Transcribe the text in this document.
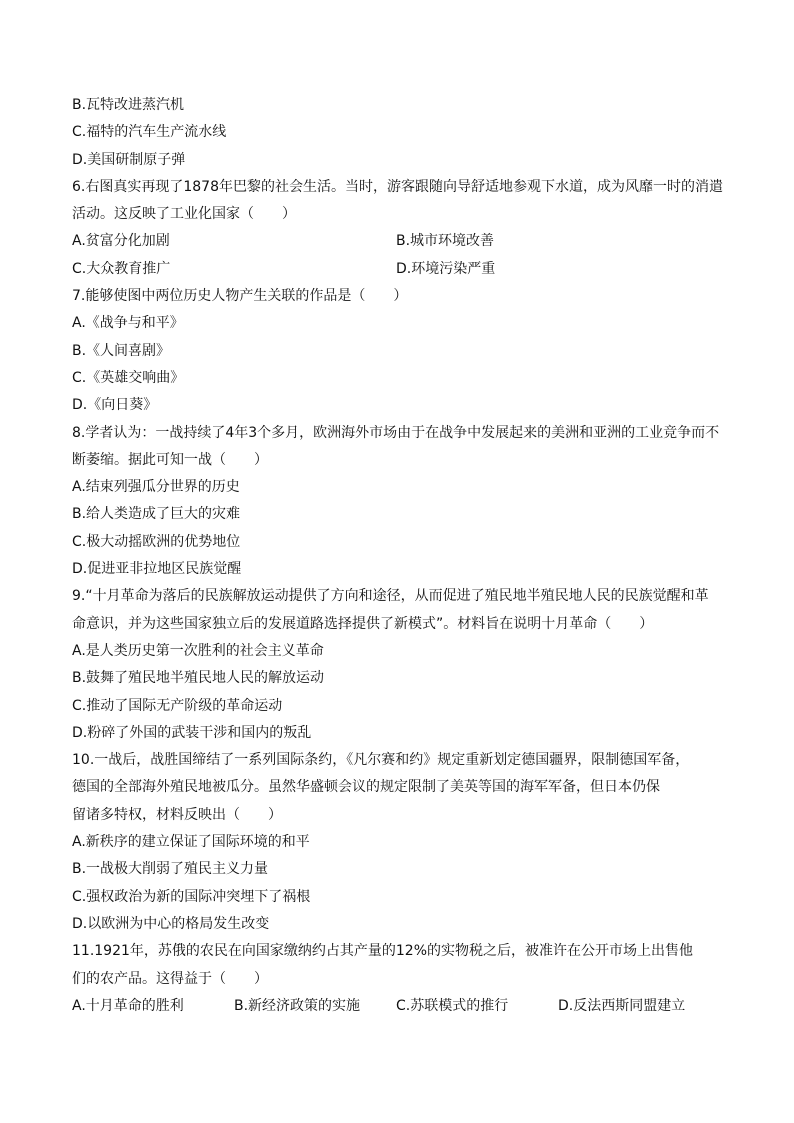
B.瓦特改进蒸汽机
C.福特的汽车生产流水线
D.美国研制原子弹
6.右图真实再现了1878年巴黎的社会生活。当时，游客跟随向导舒适地参观下水道，成为风靡一时的消遣
活动。这反映了工业化国家（　　）
A.贫富分化加剧	B.城市环境改善
C.大众教育推广	D.环境污染严重
7.能够使图中两位历史人物产生关联的作品是（　　）
A.《战争与和平》
B.《人间喜剧》
C.《英雄交响曲》
D.《向日葵》
8.学者认为：一战持续了4年3个多月，欧洲海外市场由于在战争中发展起来的美洲和亚洲的工业竞争而不
断萎缩。据此可知一战（　　）
A.结束列强瓜分世界的历史
B.给人类造成了巨大的灾难
C.极大动摇欧洲的优势地位
D.促进亚非拉地区民族觉醒
9.“十月革命为落后的民族解放运动提供了方向和途径，从而促进了殖民地半殖民地人民的民族觉醒和革
命意识，并为这些国家独立后的发展道路选择提供了新模式”。材料旨在说明十月革命（　　）
A.是人类历史第一次胜利的社会主义革命
B.鼓舞了殖民地半殖民地人民的解放运动
C.推动了国际无产阶级的革命运动
D.粉碎了外国的武装干涉和国内的叛乱
10.一战后，战胜国缔结了一系列国际条约，《凡尔赛和约》规定重新划定德国疆界，限制德国军备，
德国的全部海外殖民地被瓜分。虽然华盛顿会议的规定限制了美英等国的海军军备，但日本仍保
留诸多特权，材料反映出（　　）
A.新秩序的建立保证了国际环境的和平
B.一战极大削弱了殖民主义力量
C.强权政治为新的国际冲突埋下了祸根
D.以欧洲为中心的格局发生改变
11.1921年，苏俄的农民在向国家缴纳约占其产量的12%的实物税之后，被准许在公开市场上出售他
们的农产品。这得益于（　　）
A.十月革命的胜利	B.新经济政策的实施	C.苏联模式的推行	D.反法西斯同盟建立
